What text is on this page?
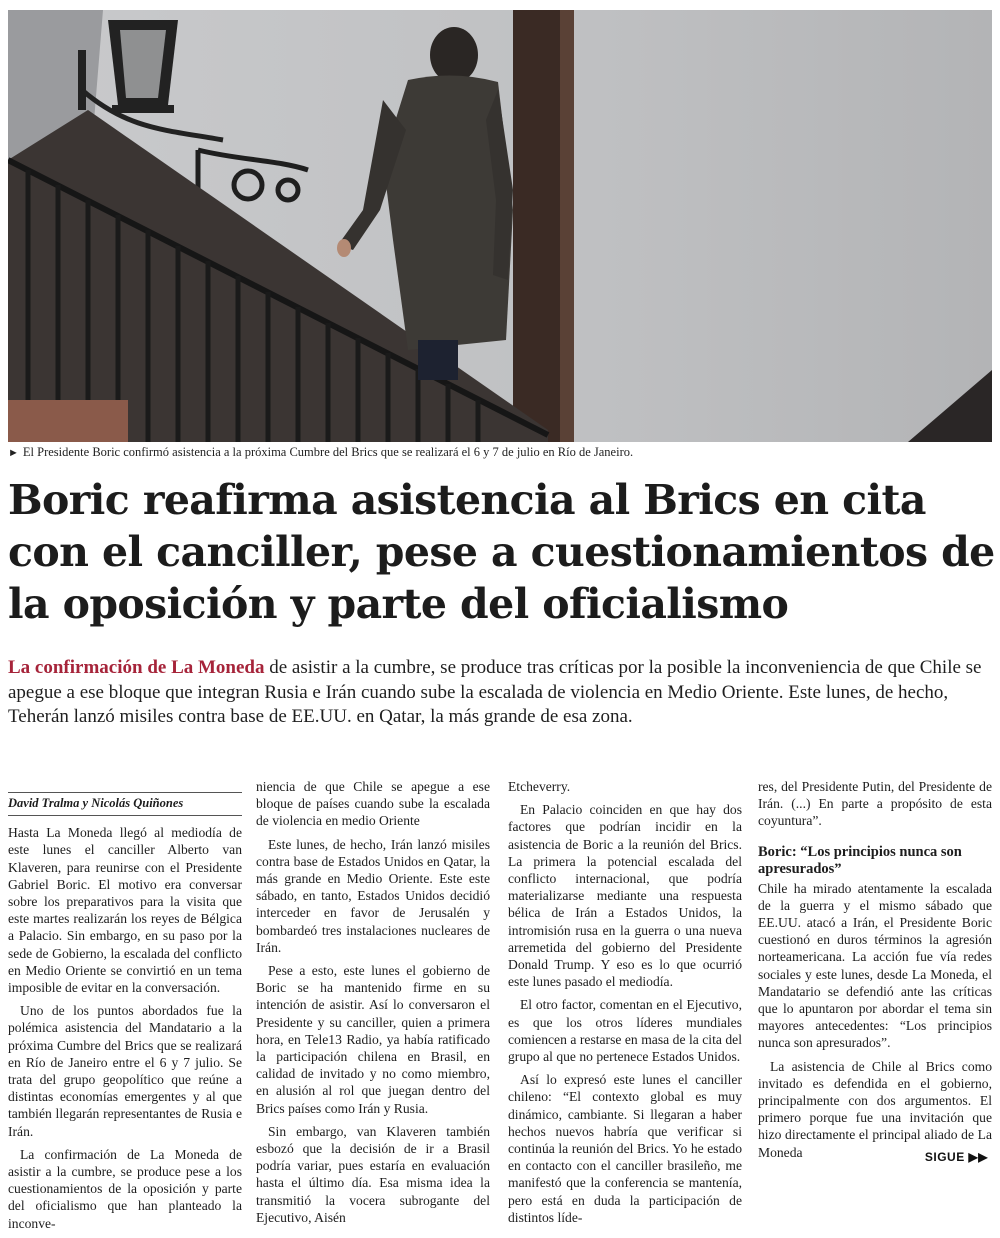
► El Presidente Boric confirmó asistencia a la próxima Cumbre del Brics que se realizará el 6 y 7 de julio en Río de Janeiro.
Boric reafirma asistencia al Brics en cita con el canciller, pese a cuestionamientos de la oposición y parte del oficialismo

La confirmación de La Moneda de asistir a la cumbre, se produce tras críticas por la posible la inconveniencia de que Chile se apegue a ese bloque que integran Rusia e Irán cuando sube la escalada de violencia en Medio Oriente. Este lunes, de hecho, Teherán lanzó misiles contra base de EE.UU. en Qatar, la más grande de esa zona.

David Tralma y Nicolás Quiñones

Hasta La Moneda llegó al mediodía de este lunes el canciller Alberto van Klaveren, para reunirse con el Presidente Gabriel Boric. El motivo era conversar sobre los preparativos para la visita que este martes realizarán los reyes de Bélgica a Palacio. Sin embargo, en su paso por la sede de Gobierno, la escalada del conflicto en Medio Oriente se convirtió en un tema imposible de evitar en la conversación.

Uno de los puntos abordados fue la polémica asistencia del Mandatario a la próxima Cumbre del Brics que se realizará en Río de Janeiro entre el 6 y 7 julio. Se trata del grupo geopolítico que reúne a distintas economías emergentes y al que también llegarán representantes de Rusia e Irán.

La confirmación de La Moneda de asistir a la cumbre, se produce pese a los cuestionamientos de la oposición y parte del oficialismo que han planteado la inconve-

niencia de que Chile se apegue a ese bloque de países cuando sube la escalada de violencia en medio Oriente

Este lunes, de hecho, Irán lanzó misiles contra base de Estados Unidos en Qatar, la más grande en Medio Oriente. Este este sábado, en tanto, Estados Unidos decidió interceder en favor de Jerusalén y bombardeó tres instalaciones nucleares de Irán.

Pese a esto, este lunes el gobierno de Boric se ha mantenido firme en su intención de asistir. Así lo conversaron el Presidente y su canciller, quien a primera hora, en Tele13 Radio, ya había ratificado la participación chilena en Brasil, en calidad de invitado y no como miembro, en alusión al rol que juegan dentro del Brics países como Irán y Rusia.

Sin embargo, van Klaveren también esbozó que la decisión de ir a Brasil podría variar, pues estaría en evaluación hasta el último día. Esa misma idea la transmitió la vocera subrogante del Ejecutivo, Aisén

Etcheverry.

En Palacio coinciden en que hay dos factores que podrían incidir en la asistencia de Boric a la reunión del Brics. La primera la potencial escalada del conflicto internacional, que podría materializarse mediante una respuesta bélica de Irán a Estados Unidos, la intromisión rusa en la guerra o una nueva arremetida del gobierno del Presidente Donald Trump. Y eso es lo que ocurrió este lunes pasado el mediodía.

El otro factor, comentan en el Ejecutivo, es que los otros líderes mundiales comiencen a restarse en masa de la cita del grupo al que no pertenece Estados Unidos.

Así lo expresó este lunes el canciller chileno: “El contexto global es muy dinámico, cambiante. Si llegaran a haber hechos nuevos habría que verificar si continúa la reunión del Brics. Yo he estado en contacto con el canciller brasileño, me manifestó que la conferencia se mantenía, pero está en duda la participación de distintos líde-

res, del Presidente Putin, del Presidente de Irán. (...) En parte a propósito de esta coyuntura”.

Boric: “Los principios nunca son apresurados”

Chile ha mirado atentamente la escalada de la guerra y el mismo sábado que EE.UU. atacó a Irán, el Presidente Boric cuestionó en duros términos la agresión norteamericana. La acción fue vía redes sociales y este lunes, desde La Moneda, el Mandatario se defendió ante las críticas que lo apuntaron por abordar el tema sin mayores antecedentes: “Los principios nunca son apresurados”.

La asistencia de Chile al Brics como invitado es defendida en el gobierno, principalmente con dos argumentos. El primero porque fue una invitación que hizo directamente el principal aliado de La Moneda	SIGUE ▶▶
